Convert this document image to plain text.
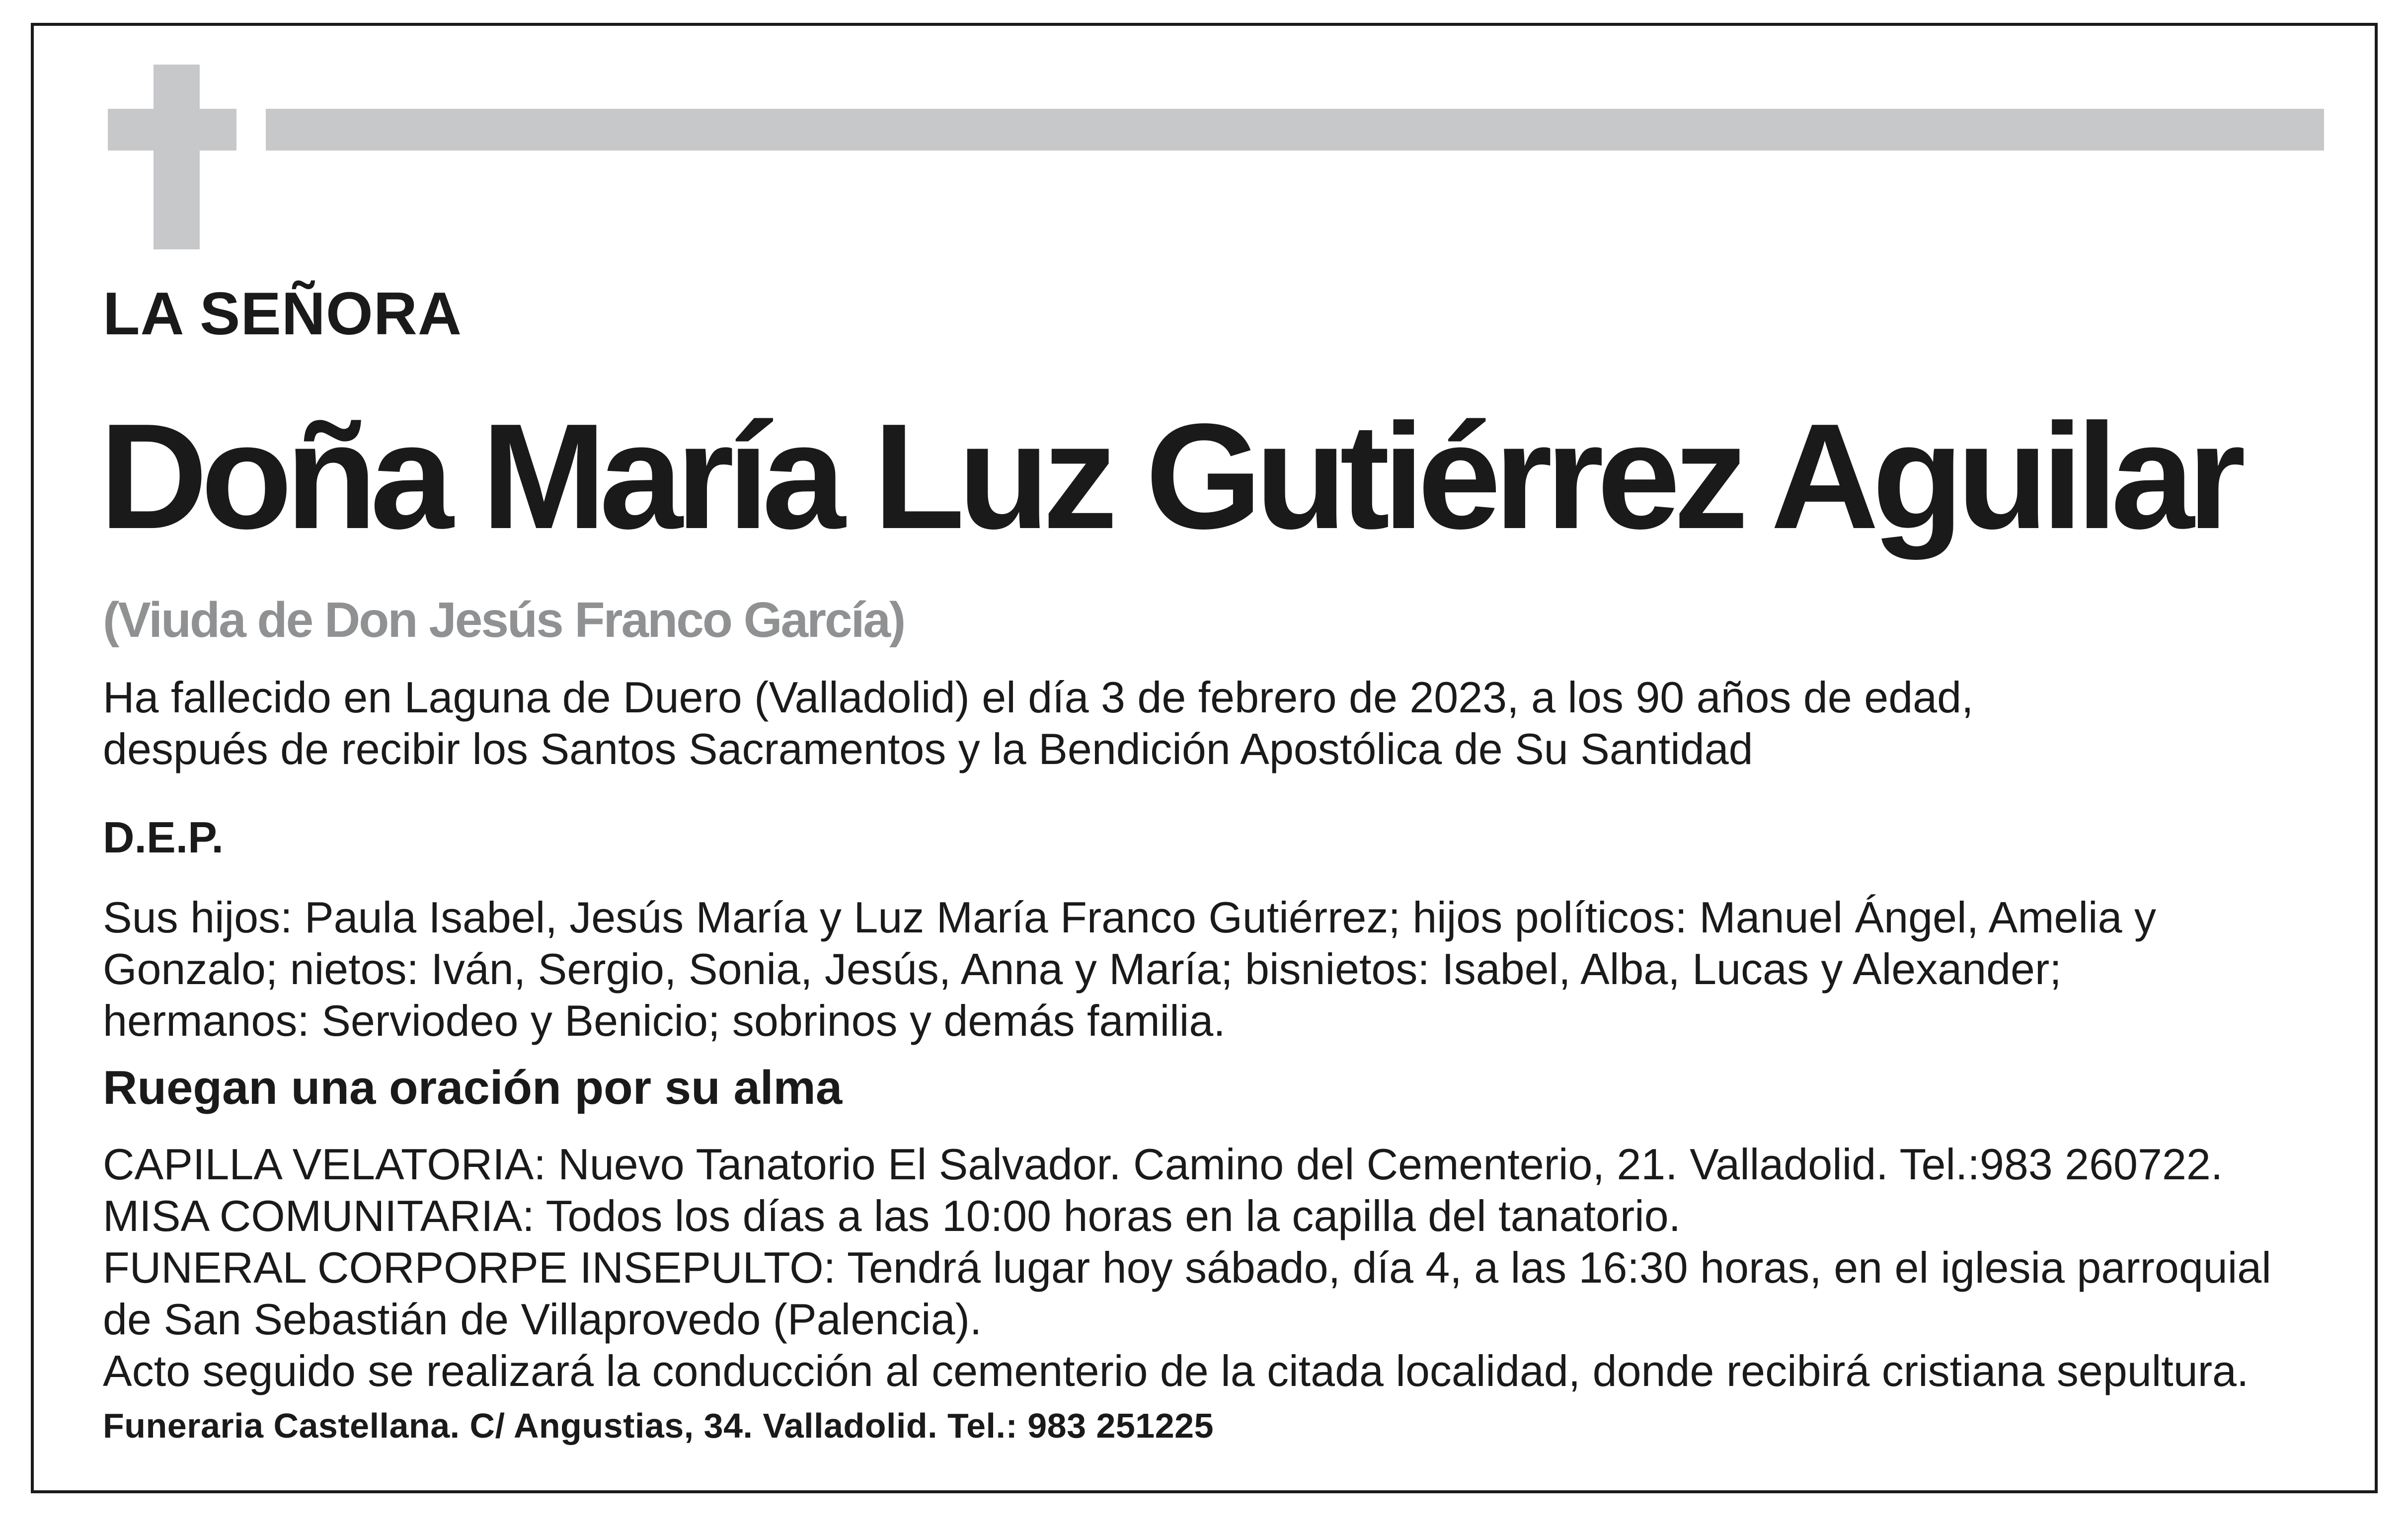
LA SEÑORA
Doña María Luz Gutiérrez Aguilar
(Viuda de Don Jesús Franco García)
Ha fallecido en Laguna de Duero (Valladolid) el día 3 de febrero de 2023, a los 90 años de edad,
después de recibir los Santos Sacramentos y la Bendición Apostólica de Su Santidad
D.E.P.
Sus hijos: Paula Isabel, Jesús María y Luz María Franco Gutiérrez; hijos políticos: Manuel Ángel, Amelia y
Gonzalo; nietos: Iván, Sergio, Sonia, Jesús, Anna y María; bisnietos: Isabel, Alba, Lucas y Alexander;
hermanos: Serviodeo y Benicio; sobrinos y demás familia.
Ruegan una oración por su alma
CAPILLA VELATORIA: Nuevo Tanatorio El Salvador. Camino del Cementerio, 21. Valladolid. Tel.:983 260722.
MISA COMUNITARIA: Todos los días a las 10:00 horas en la capilla del tanatorio.
FUNERAL CORPORPE INSEPULTO: Tendrá lugar hoy sábado, día 4, a las 16:30 horas, en el iglesia parroquial
de San Sebastián de Villaprovedo (Palencia).
Acto seguido se realizará la conducción al cementerio de la citada localidad, donde recibirá cristiana sepultura.
Funeraria Castellana. C/ Angustias, 34. Valladolid. Tel.: 983 251225
